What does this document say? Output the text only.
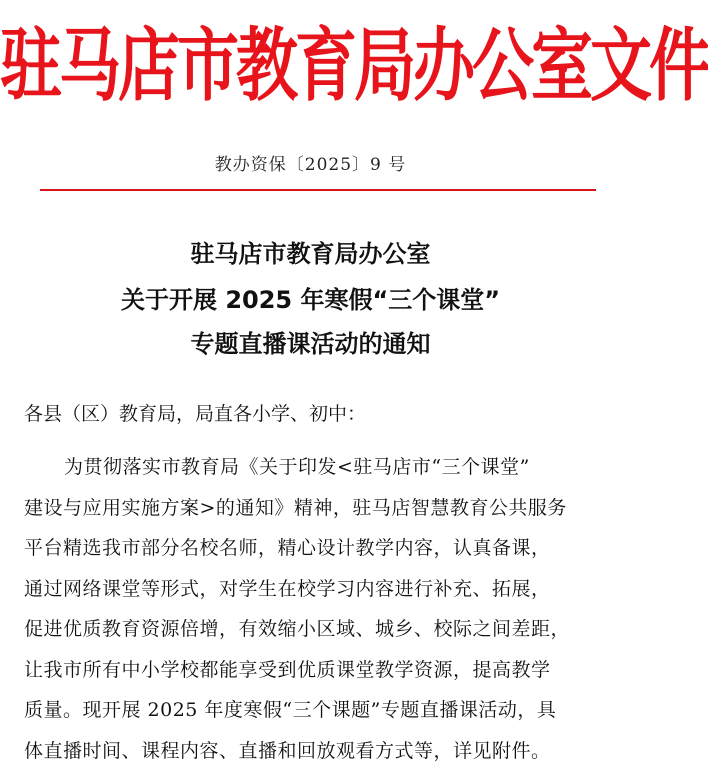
驻马店市教育局办公室文件
教办资保〔2025〕9 号
驻马店市教育局办公室
关于开展 2025 年寒假“三个课堂”
专题直播课活动的通知
各县（区）教育局，局直各小学、初中：
为贯彻落实市教育局《关于印发<驻马店市“三个课堂”
建设与应用实施方案>的通知》精神，驻马店智慧教育公共服务
平台精选我市部分名校名师，精心设计教学内容，认真备课，
通过网络课堂等形式，对学生在校学习内容进行补充、拓展，
促进优质教育资源倍增，有效缩小区域、城乡、校际之间差距，
让我市所有中小学校都能享受到优质课堂教学资源，提高教学
质量。现开展 2025 年度寒假“三个课题”专题直播课活动，具
体直播时间、课程内容、直播和回放观看方式等，详见附件。
